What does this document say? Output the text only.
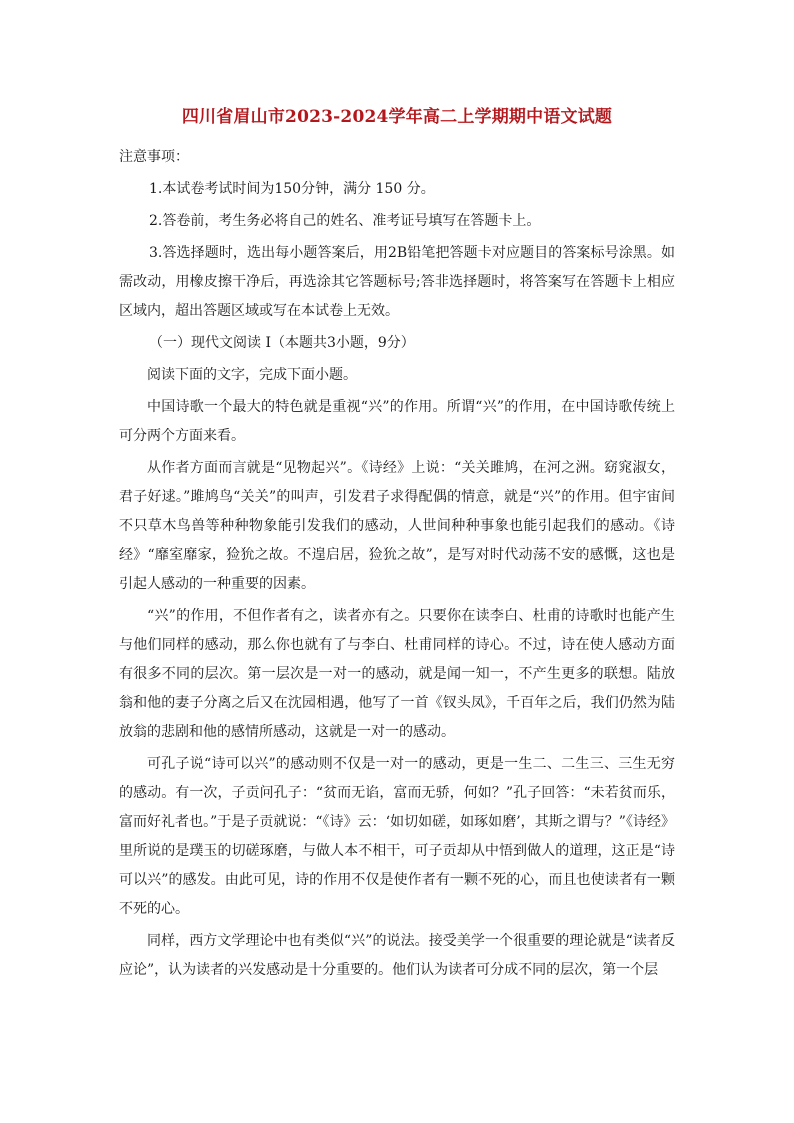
四川省眉山市2023-2024学年高二上学期期中语文试题

注意事项：

1.本试卷考试时间为150分钟，满分 150 分。

2.答卷前，考生务必将自己的姓名、准考证号填写在答题卡上。

3.答选择题时，选出每小题答案后，用2B铅笔把答题卡对应题目的答案标号涂黑。如需改动，用橡皮擦干净后，再选涂其它答题标号;答非选择题时，将答案写在答题卡上相应区域内，超出答题区域或写在本试卷上无效。

（一）现代文阅读 I（本题共3小题，9分）

阅读下面的文字，完成下面小题。

中国诗歌一个最大的特色就是重视“兴”的作用。所谓“兴”的作用，在中国诗歌传统上可分两个方面来看。

从作者方面而言就是“见物起兴”。《诗经》上说：“关关雎鸠，在河之洲。窈窕淑女，君子好逑。”雎鸠鸟“关关”的叫声，引发君子求得配偶的情意，就是“兴”的作用。但宇宙间不只草木鸟兽等种种物象能引发我们的感动，人世间种种事象也能引起我们的感动。《诗经》“靡室靡家，猃狁之故。不遑启居，猃狁之故”，是写对时代动荡不安的感慨，这也是引起人感动的一种重要的因素。

“兴”的作用，不但作者有之，读者亦有之。只要你在读李白、杜甫的诗歌时也能产生与他们同样的感动，那么你也就有了与李白、杜甫同样的诗心。不过，诗在使人感动方面有很多不同的层次。第一层次是一对一的感动，就是闻一知一，不产生更多的联想。陆放翁和他的妻子分离之后又在沈园相遇，他写了一首《钗头凤》，千百年之后，我们仍然为陆放翁的悲剧和他的感情所感动，这就是一对一的感动。

可孔子说“诗可以兴”的感动则不仅是一对一的感动，更是一生二、二生三、三生无穷的感动。有一次，子贡问孔子：“贫而无谄，富而无骄，何如？”孔子回答：“未若贫而乐，富而好礼者也。”于是子贡就说：“《诗》云：‘如切如磋，如琢如磨’，其斯之谓与？”《诗经》里所说的是璞玉的切磋琢磨，与做人本不相干，可子贡却从中悟到做人的道理，这正是“诗可以兴”的感发。由此可见，诗的作用不仅是使作者有一颗不死的心，而且也使读者有一颗不死的心。

同样，西方文学理论中也有类似“兴”的说法。接受美学一个很重要的理论就是“读者反应论”，认为读者的兴发感动是十分重要的。他们认为读者可分成不同的层次，第一个层
